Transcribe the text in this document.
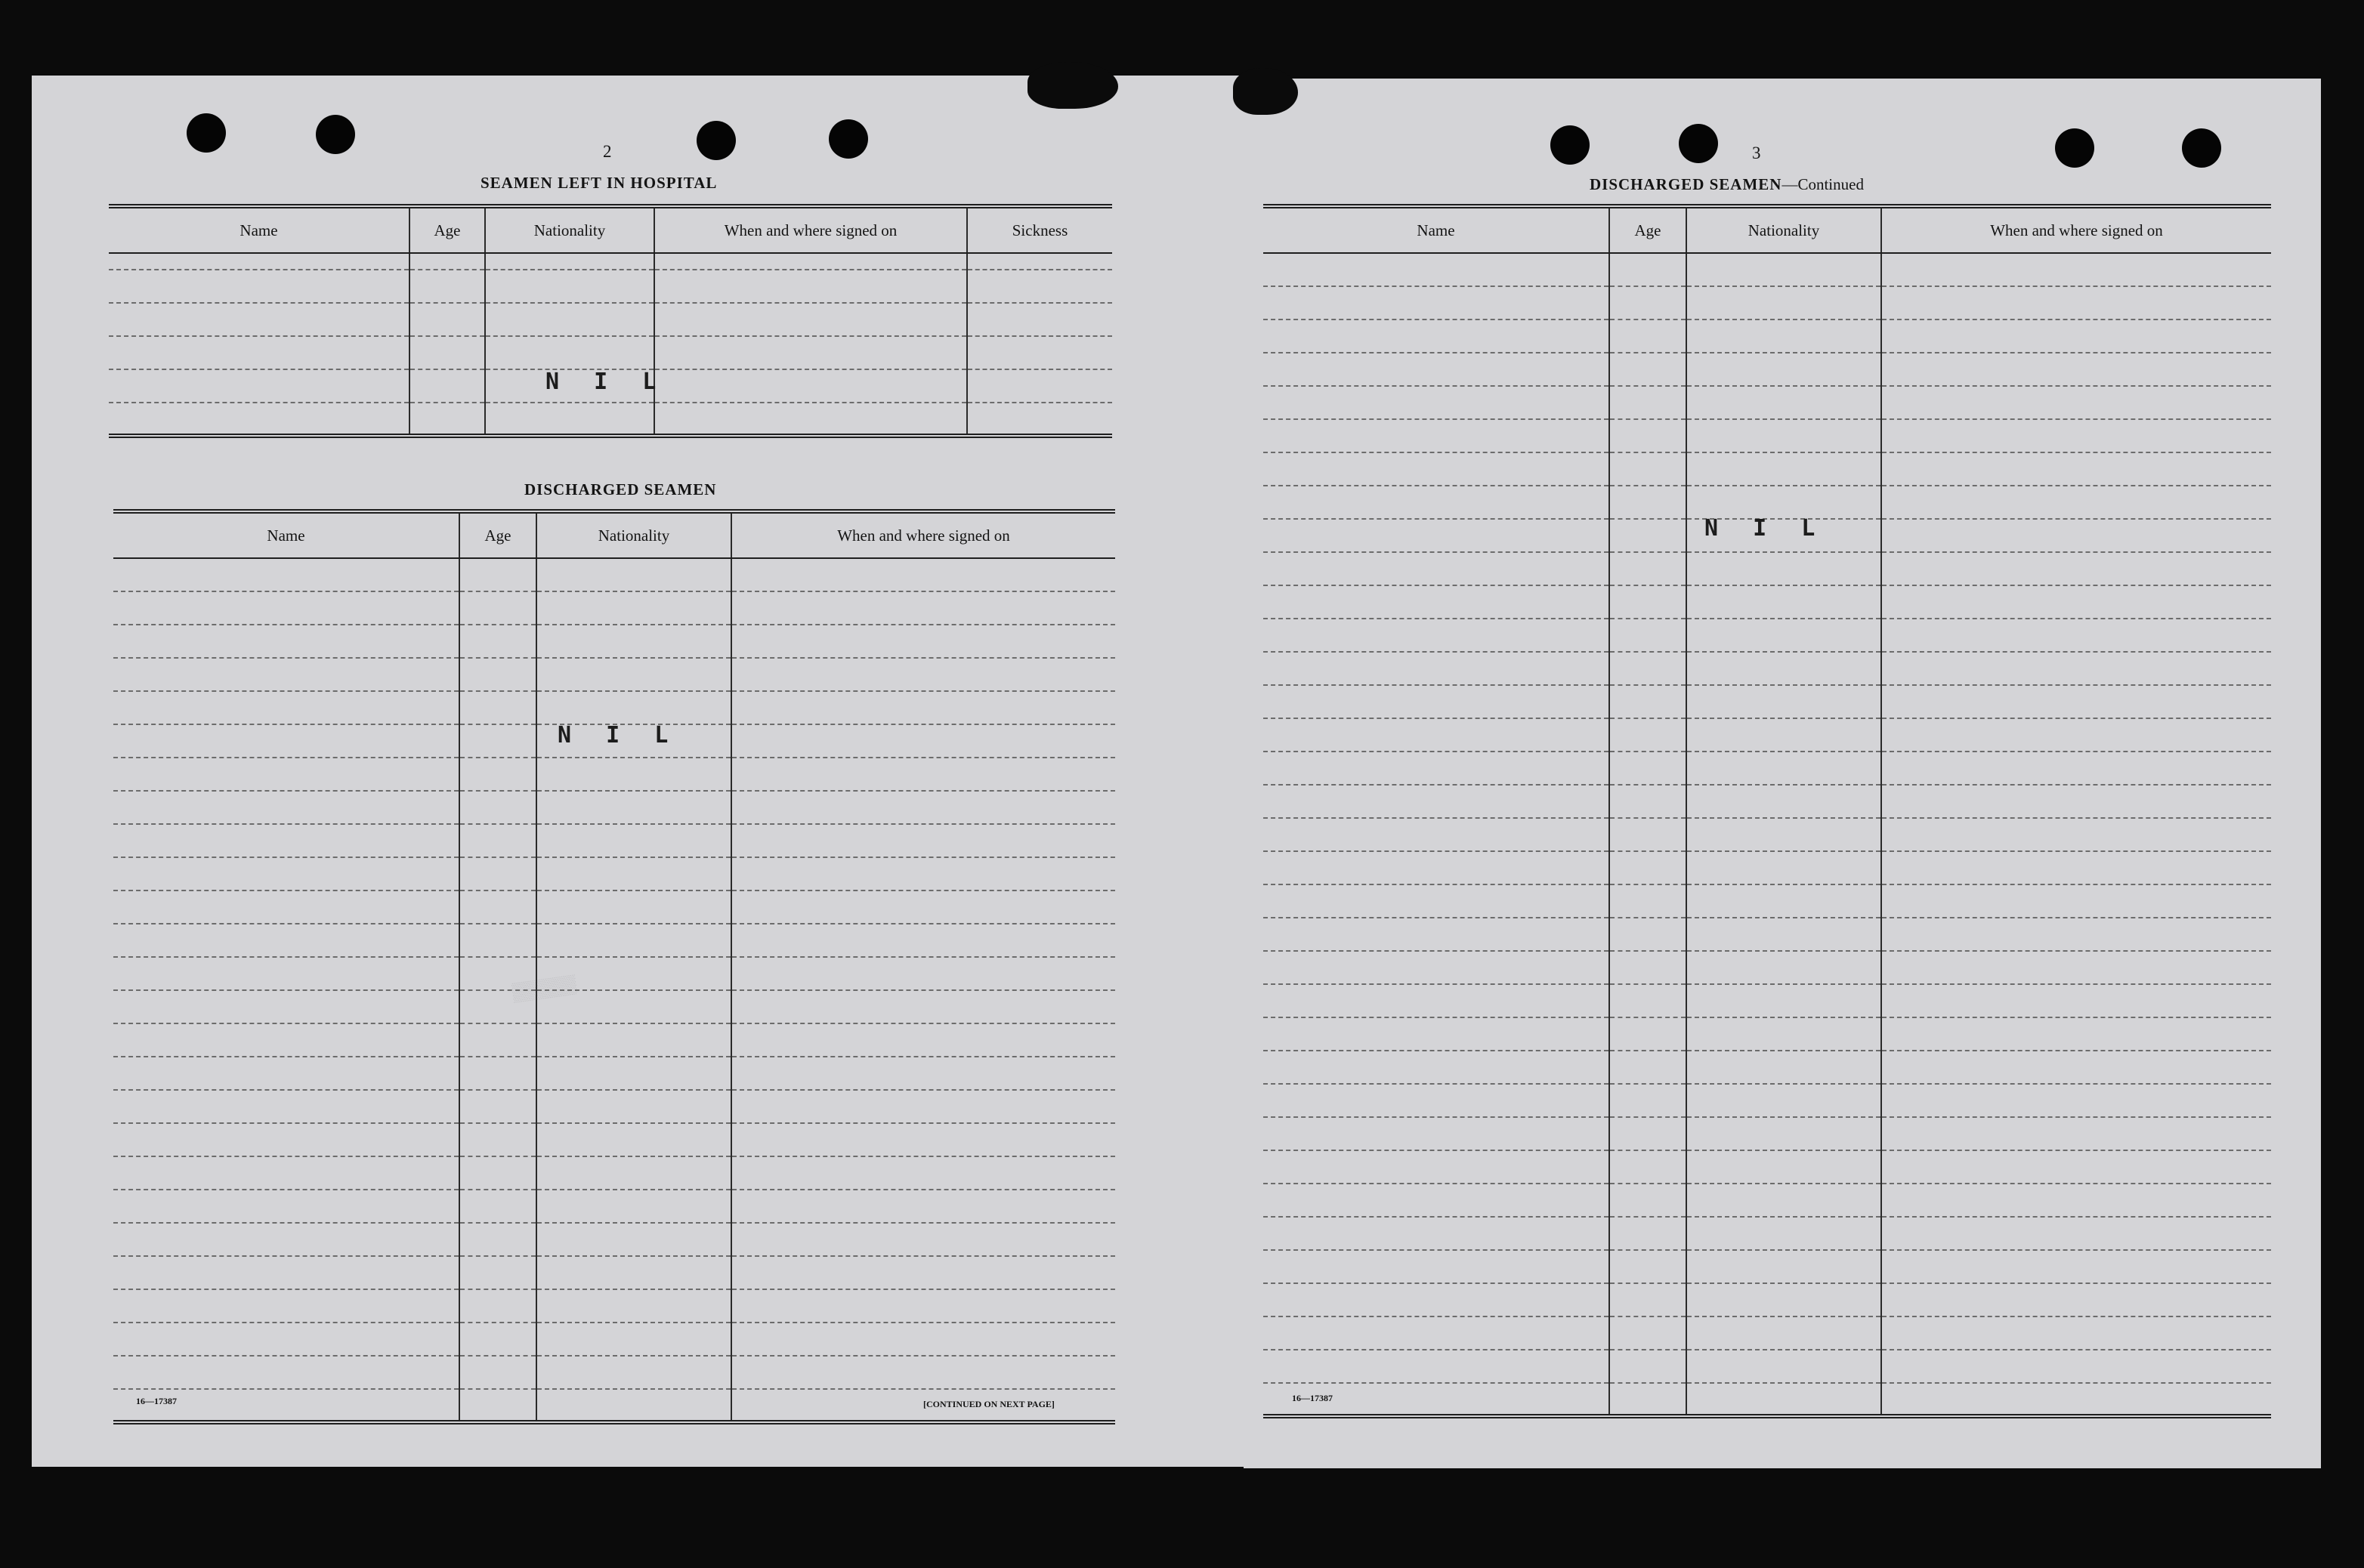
2
SEAMEN LEFT IN HOSPITAL
Name	Age	Nationality	When and where signed on	Sickness

N I L
DISCHARGED SEAMEN
Name	Age	Nationality	When and where signed on

N I L
▒▒▒▒▒
16—17387	[CONTINUED ON NEXT PAGE]
3
DISCHARGED SEAMEN—Continued
Name	Age	Nationality	When and where signed on

N I L
16—17387
